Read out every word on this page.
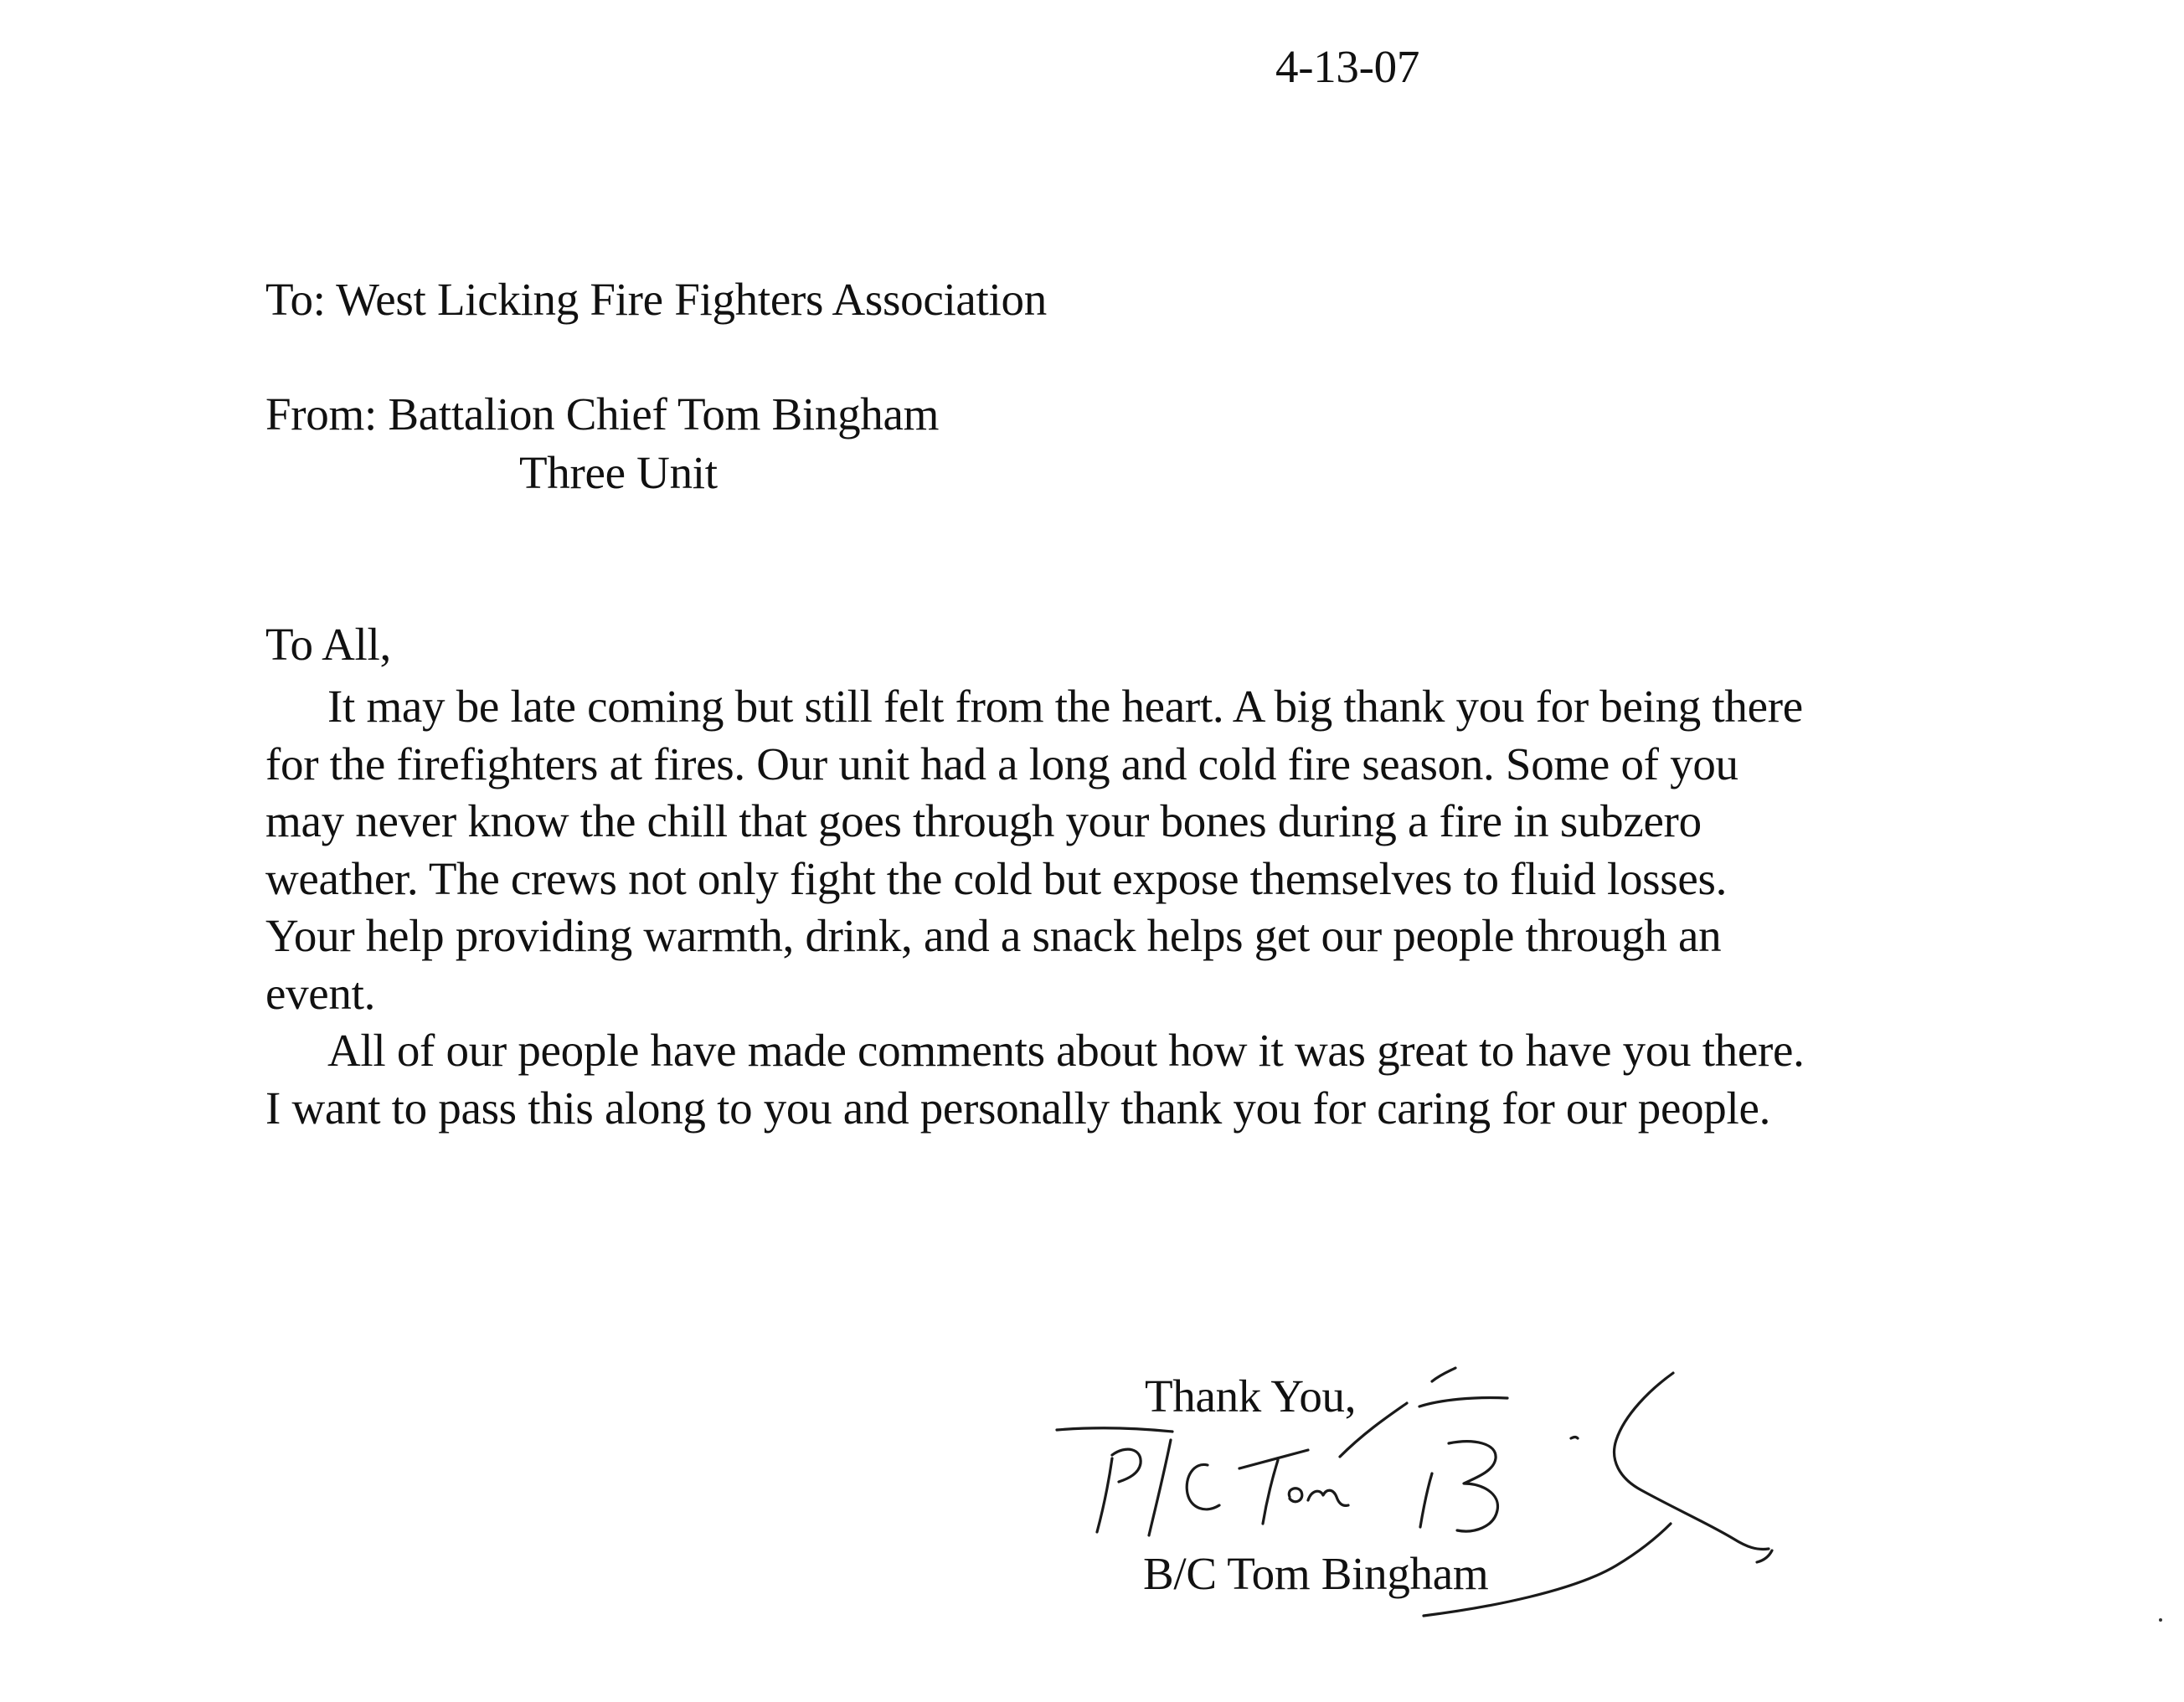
4-13-07
To: West Licking Fire Fighters Association
From: Battalion Chief Tom Bingham
Three Unit
To All,
It may be late coming but still felt from the heart. A big thank you for being there
for the firefighters at fires. Our unit had a long and cold fire season. Some of you
may never know the chill that goes through your bones during a fire in subzero
weather. The crews not only fight the cold but expose themselves to fluid losses.
Your help providing warmth, drink, and a snack helps get our people through an
event.
All of our people have made comments about how it was great to have you there.
I want to pass this along to you and personally thank you for caring for our people.
Thank You,
B/C Tom Bingham
